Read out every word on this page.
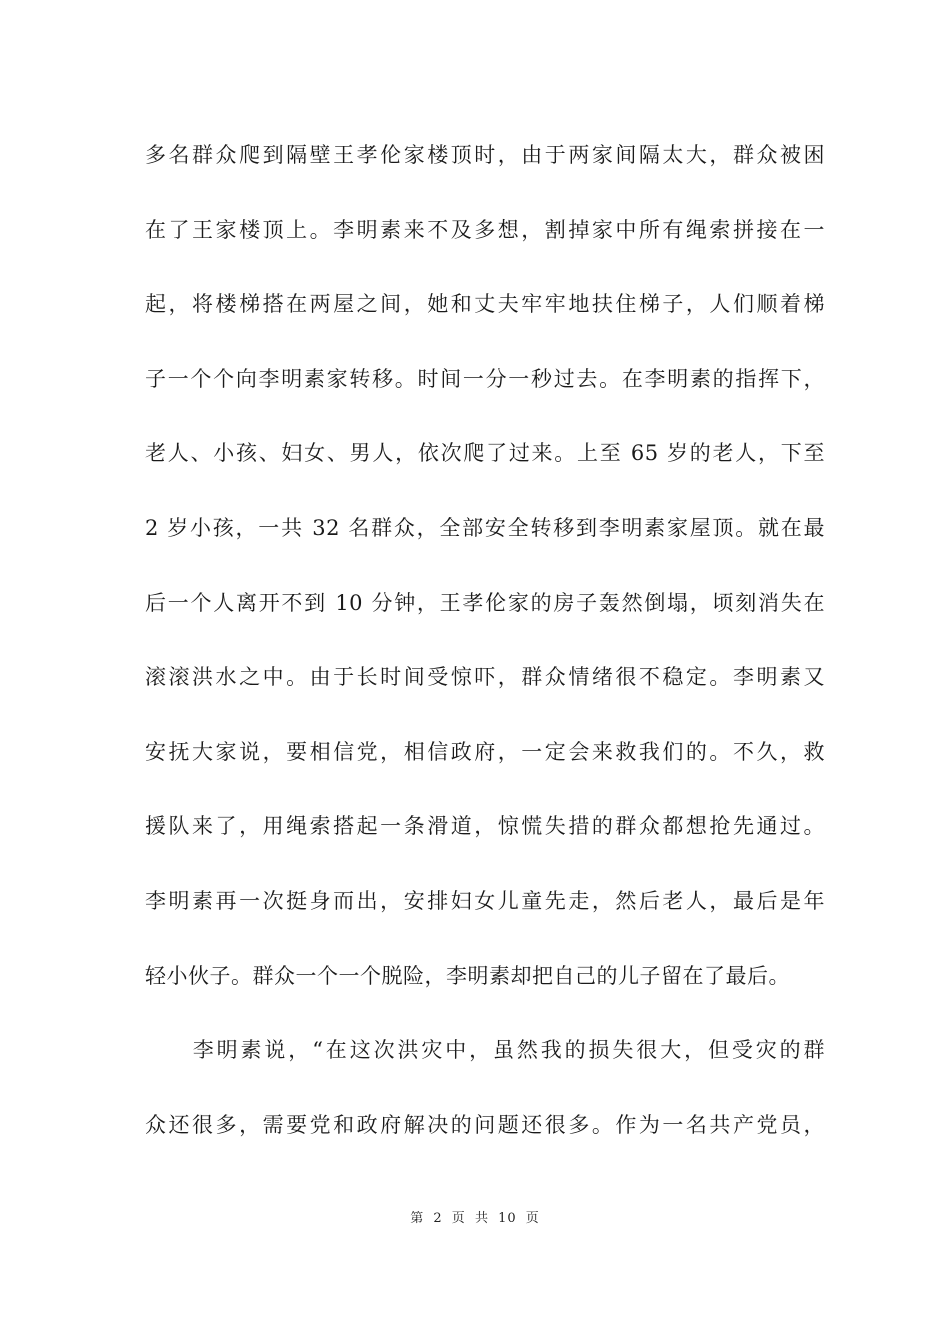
多名群众爬到隔壁王孝伦家楼顶时，由于两家间隔太大，群众被困
在了王家楼顶上。李明素来不及多想，割掉家中所有绳索拼接在一
起，将楼梯搭在两屋之间，她和丈夫牢牢地扶住梯子，人们顺着梯
子一个个向李明素家转移。时间一分一秒过去。在李明素的指挥下，
老人、小孩、妇女、男人，依次爬了过来。上至 65 岁的老人，下至
2 岁小孩，一共 32 名群众，全部安全转移到李明素家屋顶。就在最
后一个人离开不到 10 分钟，王孝伦家的房子轰然倒塌，顷刻消失在
滚滚洪水之中。由于长时间受惊吓，群众情绪很不稳定。李明素又
安抚大家说，要相信党，相信政府，一定会来救我们的。不久，救
援队来了，用绳索搭起一条滑道，惊慌失措的群众都想抢先通过。
李明素再一次挺身而出，安排妇女儿童先走，然后老人，最后是年
轻小伙子。群众一个一个脱险，李明素却把自己的儿子留在了最后。
　　李明素说，“在这次洪灾中，虽然我的损失很大，但受灾的群
众还很多，需要党和政府解决的问题还很多。作为一名共产党员，
第 2 页 共 10 页
